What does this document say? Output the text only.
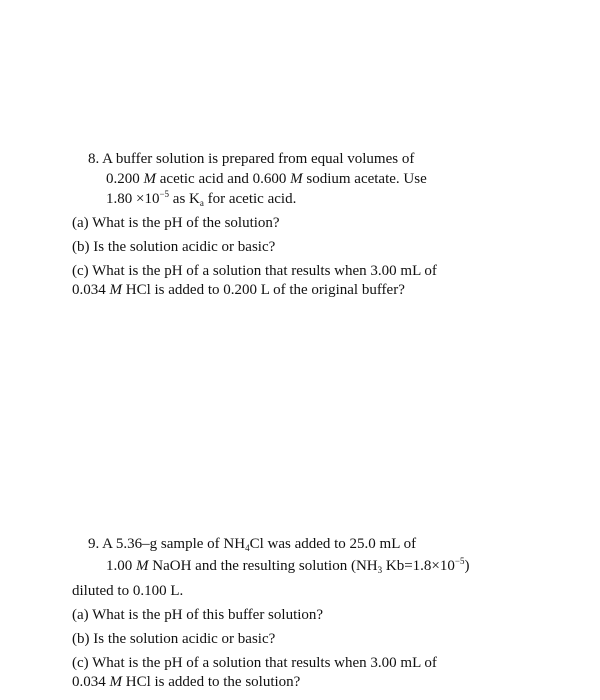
8. A buffer solution is prepared from equal volumes of
0.200 M acetic acid and 0.600 M sodium acetate. Use
$1.80 \times 10^{-5}$ as $K_a$ for acetic acid.
(a) What is the pH of the solution?
(b) Is the solution acidic or basic?
(c) What is the pH of a solution that results when 3.00 mL of
0.034 M HCl is added to 0.200 L of the original buffer?
9. A 5.36–g sample of $NH_4Cl$ was added to 25.0 mL of
1.00 M NaOH and the resulting solution ($NH_3$ $Kb=1.8\times 10^{-5}$)
diluted to 0.100 L.
(a) What is the pH of this buffer solution?
(b) Is the solution acidic or basic?
(c) What is the pH of a solution that results when 3.00 mL of
0.034 M HCl is added to the solution?
